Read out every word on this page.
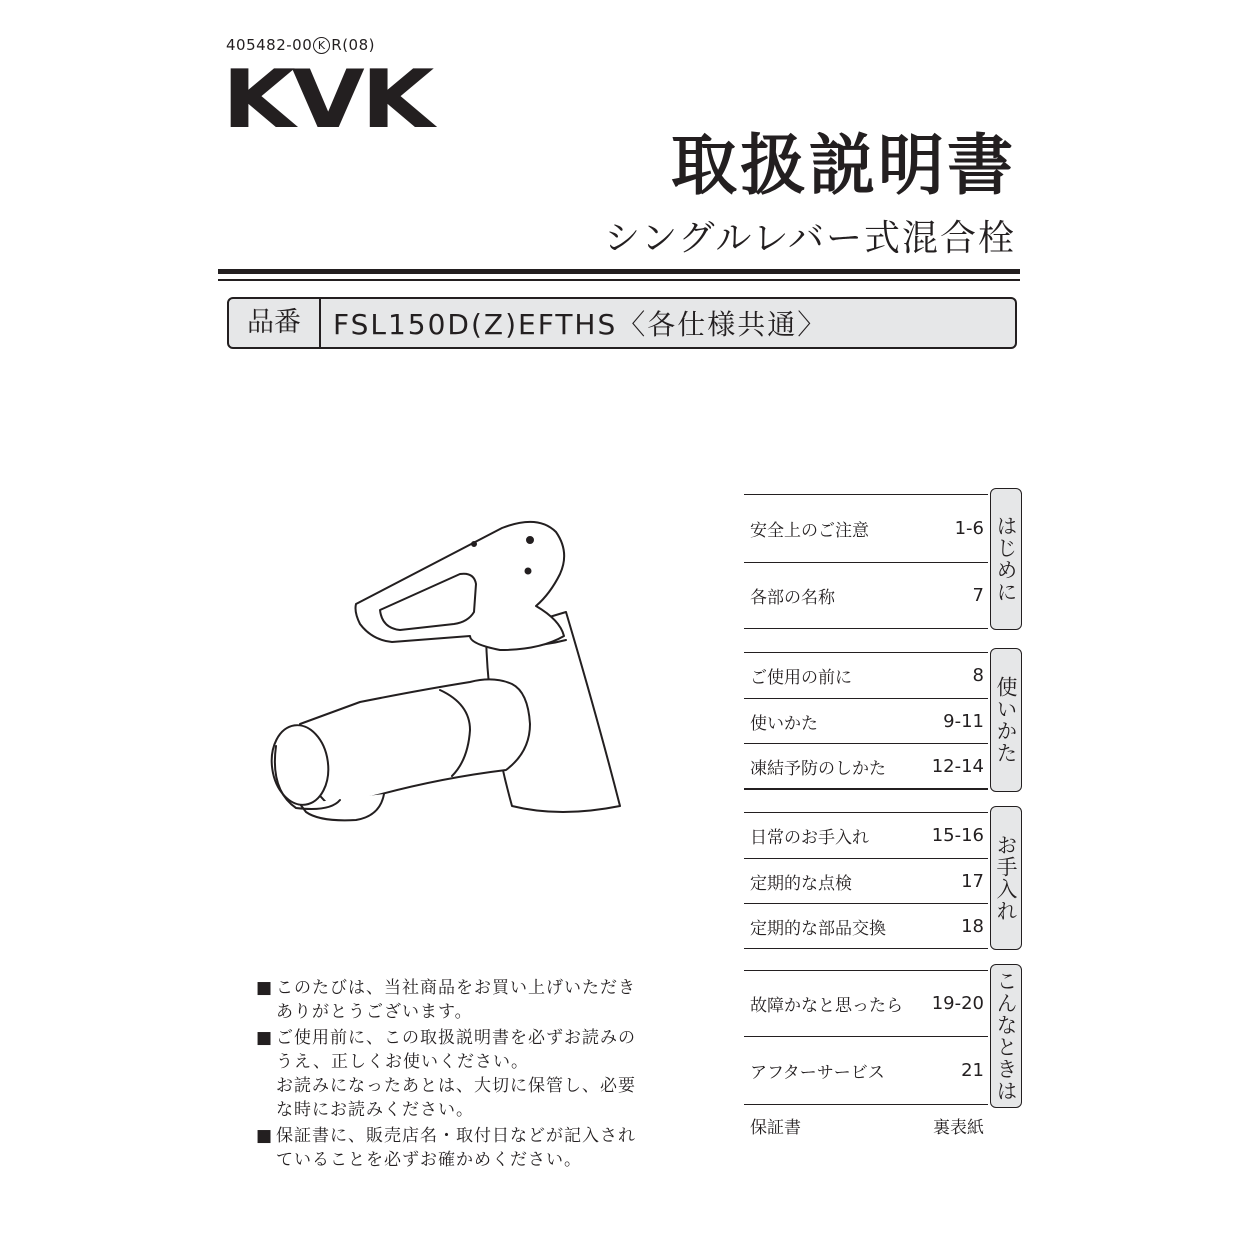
405482-00 K R(08)
KVK
取扱説明書
シングルレバー式混合栓
品番	FSL150D(Z)EFTHS〈各仕様共通〉
安全上のご注意	1-6
各部の名称	7 はじめに
ご使用の前に	8
使いかた	9-11
凍結予防のしかた	12-14
使いかた
日常のお手入れ	15-16
定期的な点検	17
定期的な部品交換	18
お手入れ
故障かなと思ったら 19-20
アフターサービス	21 こんなときは
保証書	裏表紙
■ このたびは、当社商品をお買い上げいただき
ありがとうございます。
■ ご使用前に、この取扱説明書を必ずお読みの
うえ、正しくお使いください。
お読みになったあとは、大切に保管し、必要
な時にお読みください。
■ 保証書に、販売店名・取付日などが記入され
ていることを必ずお確かめください。
